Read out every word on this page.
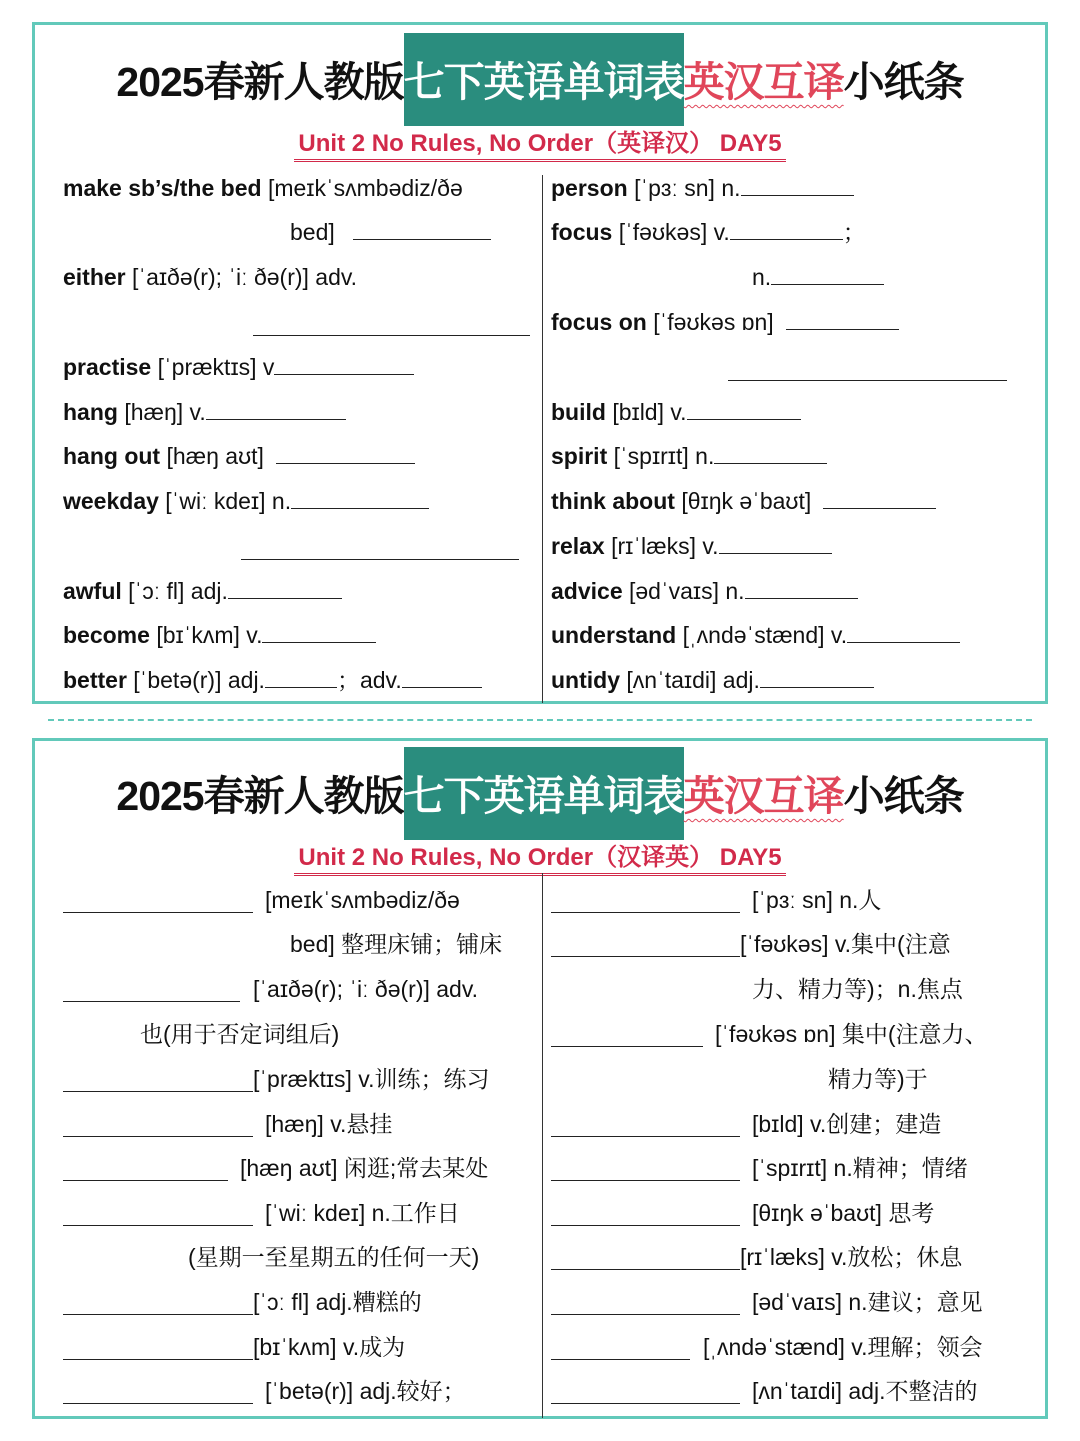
2025春新人教版七下英语单词表英汉互译小纸条
Unit 2 No Rules, No Order（英译汉） DAY5
2025春新人教版七下英语单词表英汉互译小纸条
Unit 2 No Rules, No Order（汉译英） DAY5
make sb’s/the bed [meɪkˈsʌmbədiz/ðə
bed]
either [ˈaɪðə(r); ˈiː ðə(r)] adv.
practise [ˈpræktɪs] v
hang [hæŋ] v.
hang out [hæŋ aʊt]
weekday [ˈwiː kdeɪ] n.
awful [ˈɔː fl] adj.
become [bɪˈkʌm] v.
better [ˈbetə(r)] adj.	；adv.
person [ˈpɜː sn] n.
focus [ˈfəʊkəs] v.	；
n.
focus on [ˈfəʊkəs ɒn]
build [bɪld] v.
spirit [ˈspɪrɪt] n.
think about [θɪŋk əˈbaʊt]
relax [rɪˈlæks] v.
advice [ədˈvaɪs] n.
understand [ˌʌndəˈstænd] v.
untidy [ʌnˈtaɪdi] adj.
[meɪkˈsʌmbədiz/ðə
bed] 整理床铺；铺床
[ˈaɪðə(r); ˈiː ðə(r)] adv.
也(用于否定词组后)
[ˈpræktɪs] v.训练；练习
[hæŋ] v.悬挂
[hæŋ aʊt] 闲逛;常去某处
[ˈwiː kdeɪ] n.工作日
(星期一至星期五的任何一天)
[ˈɔː fl] adj.糟糕的
[bɪˈkʌm] v.成为
[ˈbetə(r)] adj.较好；
[ˈpɜː sn] n.人
[ˈfəʊkəs] v.集中(注意
力、精力等)；n.焦点
[ˈfəʊkəs ɒn] 集中(注意力、
精力等)于
[bɪld] v.创建；建造
[ˈspɪrɪt] n.精神；情绪
[θɪŋk əˈbaʊt] 思考
[rɪˈlæks] v.放松；休息
[ədˈvaɪs] n.建议；意见
[ˌʌndəˈstænd] v.理解；领会
[ʌnˈtaɪdi] adj.不整洁的
